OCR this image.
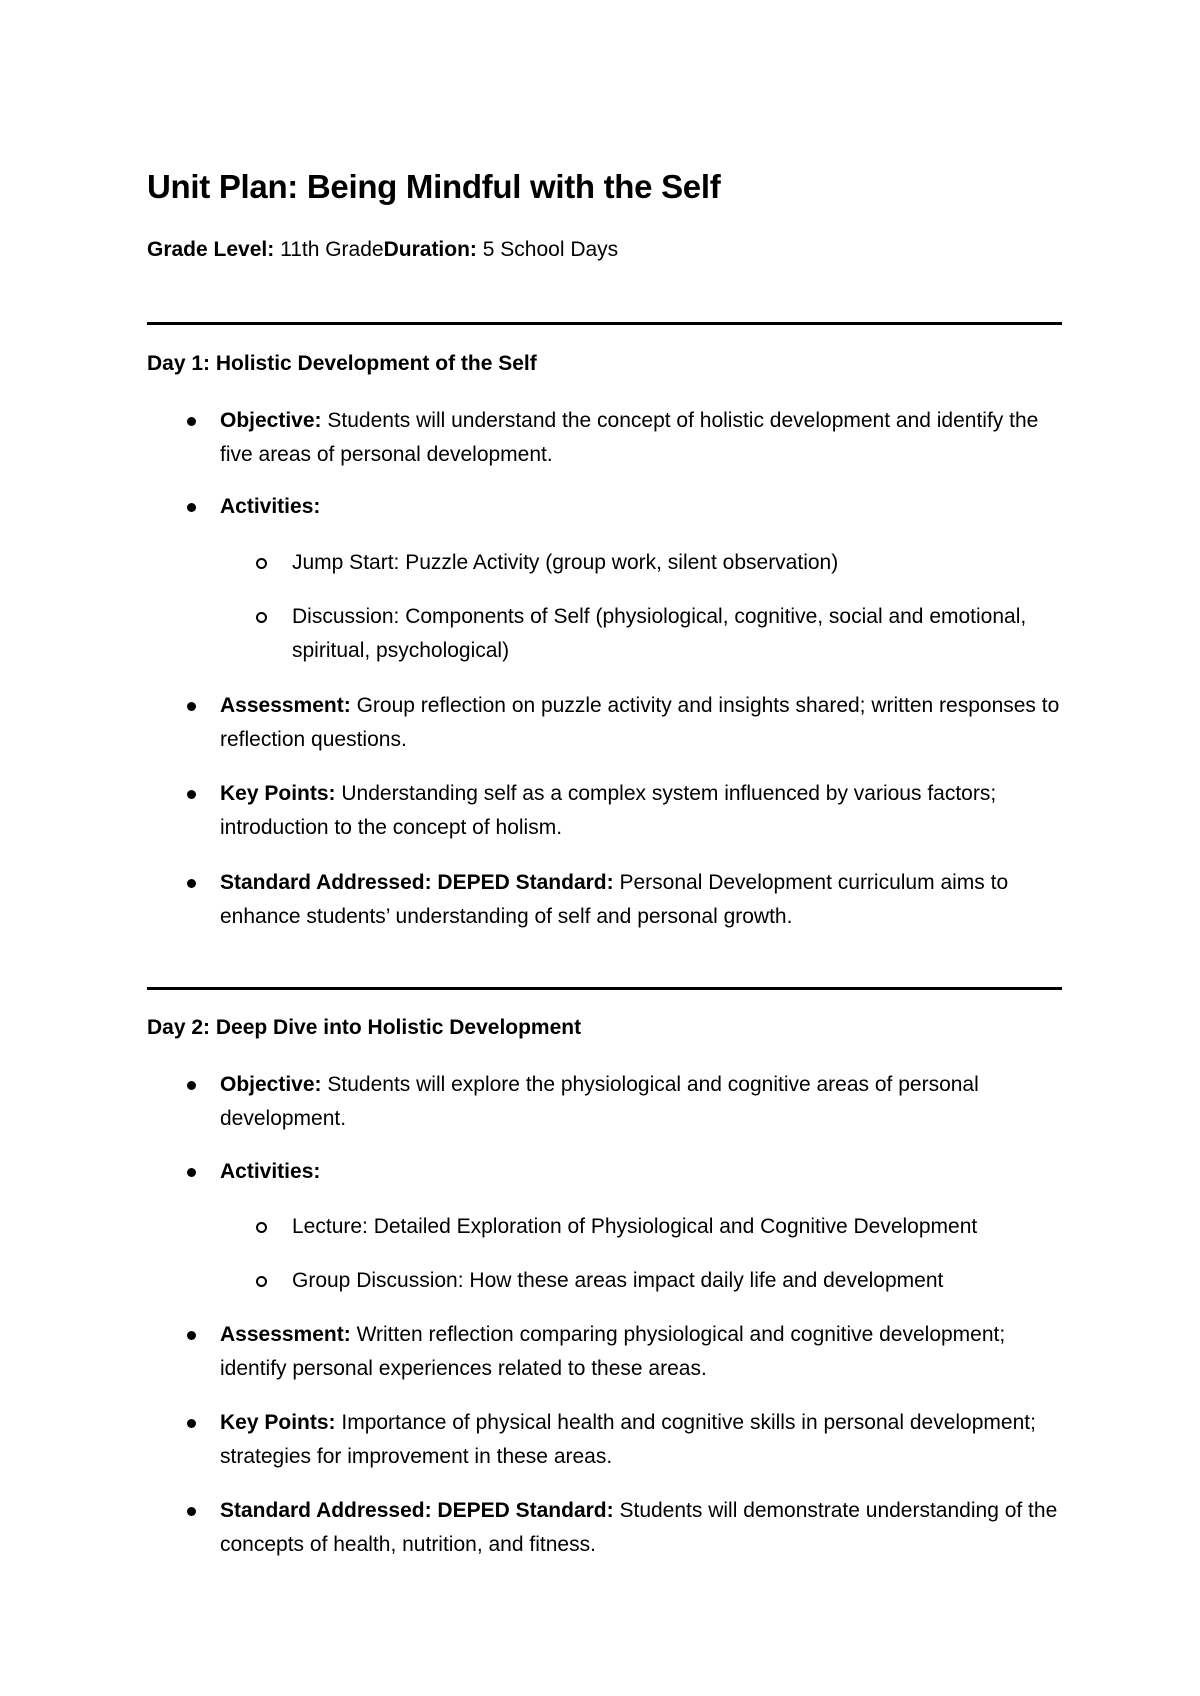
Unit Plan: Being Mindful with the Self
Grade Level: 11th GradeDuration: 5 School Days
Day 1: Holistic Development of the Self
Objective: Students will understand the concept of holistic development and identify the five areas of personal development.
Activities:
Jump Start: Puzzle Activity (group work, silent observation)
Discussion: Components of Self (physiological, cognitive, social and emotional, spiritual, psychological)
Assessment: Group reflection on puzzle activity and insights shared; written responses to reflection questions.
Key Points: Understanding self as a complex system influenced by various factors; introduction to the concept of holism.
Standard Addressed: DEPED Standard: Personal Development curriculum aims to enhance students’ understanding of self and personal growth.
Day 2: Deep Dive into Holistic Development
Objective: Students will explore the physiological and cognitive areas of personal development.
Activities:
Lecture: Detailed Exploration of Physiological and Cognitive Development
Group Discussion: How these areas impact daily life and development
Assessment: Written reflection comparing physiological and cognitive development; identify personal experiences related to these areas.
Key Points: Importance of physical health and cognitive skills in personal development; strategies for improvement in these areas.
Standard Addressed: DEPED Standard: Students will demonstrate understanding of the concepts of health, nutrition, and fitness.
